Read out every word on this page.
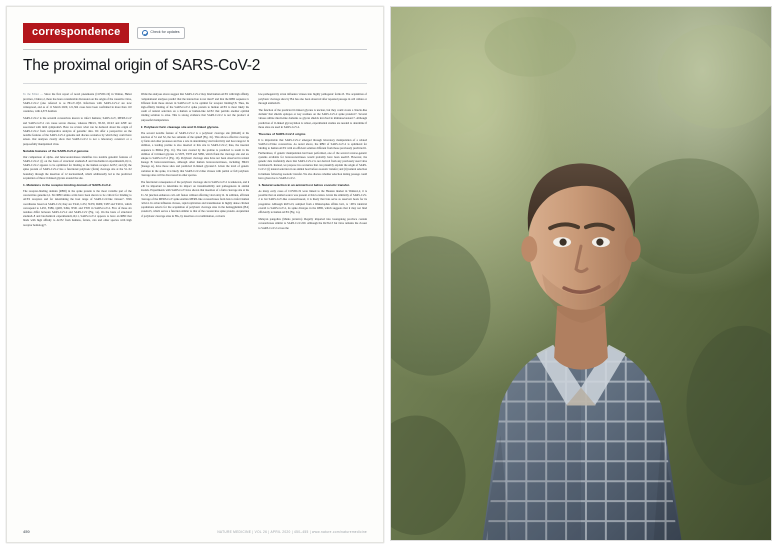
correspondence	Check for updates
The proximal origin of SARS-CoV-2

To the Editor — Since the first report of novel pneumonia (COVID-19) in Wuhan, Hubei province, China1,2, there has been considerable discussion on the origin of the causative virus, SARS-CoV-2 (also referred to as HCoV-19)3. Infections with SARS-CoV-2 are now widespread, and as of 11 March 2020, 121,564 cases have been confirmed in more than 110 countries, with 4,373 deaths4.

SARS-CoV-2 is the seventh coronavirus known to infect humans; SARS-CoV, MERS-CoV and SARS-CoV-2 can cause severe disease, whereas HKU1, NL63, OC43 and 229E are associated with mild symptoms5. Here we review what can be deduced about the origin of SARS-CoV-2 from comparative analysis of genomic data. We offer a perspective on the notable features of the SARS-CoV-2 genome and discuss scenarios by which they could have arisen. Our analyses clearly show that SARS-CoV-2 is not a laboratory construct or a purposefully manipulated virus.

Notable features of the SARS-CoV-2 genome

Our comparison of alpha- and betacoronaviruses identifies two notable genomic features of SARS-CoV-2: (i) on the basis of structural studies6–8 and biochemical experiments9,10,11, SARS-CoV-2 appears to be optimized for binding to the human receptor ACE2; and (ii) the spike protein of SARS-CoV-2 has a functional polybasic (furin) cleavage site at the S1–S2 boundary through the insertion of 12 nucleotides8, which additionally led to the predicted acquisition of three O-linked glycans around the site.

1. Mutations in the receptor-binding domain of SARS-CoV-2.

The receptor-binding domain (RBD) in the spike protein is the most variable part of the coronavirus genome1,2. Six RBD amino acids have been shown to be critical for binding to ACE2 receptors and for determining the host range of SARS-CoV-like viruses7. With coordinates based on SARS-CoV, they are Y442, L472, N479, D480, T487 and Y4911, which correspond to L455, F486, Q493, S494, N501 and Y505 in SARS-CoV-2. Five of these six residues differ between SARS-CoV-2 and SARS-CoV (Fig. 1a). On the basis of structural studies6–8 and biochemical experiments9,10,11, SARS-CoV-2 appears to have an RBD that binds with high affinity to ACE2 from humans, ferrets, cats and other species with high receptor homology7.

While the analyses above suggest that SARS-CoV-2 may bind human ACE2 with high affinity, computational analyses predict that the interaction is not ideal7 and that the RBD sequence is different from those shown in SARS-CoV to be optimal for receptor binding7,8. Thus, the high-affinity binding of the SARS-CoV-2 spike protein to human ACE2 is most likely the result of natural selection on a human or human-like ACE2 that permits another optimal binding solution to arise. This is strong evidence that SARS-CoV-2 is not the product of purposeful manipulation.

2. Polybasic furin cleavage site and O-linked glycans.

The second notable feature of SARS-CoV-2 is a polybasic cleavage site (RRAR) at the junction of S1 and S2, the two subunits of the spike8 (Fig. 1b). This allows effective cleavage by furin and other proteases and has a role in determining viral infectivity and host range12. In addition, a leading proline is also inserted at this site in SARS-CoV-2; thus, the inserted sequence is PRRA (Fig. 1b). The turn created by the proline is predicted to result in the addition of O-linked glycans to S673, T678 and S686, which flank the cleavage site and are unique to SARS-CoV-2 (Fig. 1b). Polybasic cleavage sites have not been observed in related lineage B betacoronaviruses, although other human betacoronaviruses, including HKU1 (lineage A), have those sites and predicted O-linked glycans13. Given the level of genetic variation in the spike, it is likely that SARS-CoV-2-like viruses with partial or full polybasic cleavage sites will be discovered in other species.

The functional consequence of the polybasic cleavage site in SARS-CoV-2 is unknown, and it will be important to determine its impact on transmissibility and pathogenesis in animal models. Experiments with SARS-CoV have shown that insertion of a furin cleavage site at the S1–S2 junction enhances cell–cell fusion without affecting viral entry12. In addition, efficient cleavage of the MERS-CoV spike enables MERS-like coronaviruses from bats to infect human cells14. In avian influenza viruses, rapid replication and transmission in highly dense chicken populations selects for the acquisition of polybasic cleavage sites in the hemagglutinin (HA) protein15, which serves a function similar to that of the coronavirus spike protein. Acquisition of polybasic cleavage sites in HA, by insertion or recombination, converts

low-pathogenicity avian influenza viruses into highly pathogenic forms15. The acquisition of polybasic cleavage sites by HA has also been observed after repeated passage in cell culture or through animals16.

The function of the predicted O-linked glycans is unclear, but they could create a 'mucin-like domain' that shields epitopes or key residues on the SARS-CoV-2 spike protein17. Several viruses utilize mucin-like domains as glycan shields involved in immunoevasion17. Although prediction of O-linked glycosylation is robust, experimental studies are needed to determine if these sites are used in SARS-CoV-2.

Theories of SARS-CoV-2 origins

It is improbable that SARS-CoV-2 emerged through laboratory manipulation of a related SARS-CoV-like coronavirus. As noted above, the RBD of SARS-CoV-2 is optimized for binding to human ACE2 with an efficient solution different from those previously predicted11. Furthermore, if genetic manipulation had been performed, one of the several reverse-genetic systems available for betacoronaviruses would probably have been used18. However, the genetic data irrefutably show that SARS-CoV-2 is not derived from any previously used virus backbone19. Instead, we propose two scenarios that can plausibly explain the origin of SARS-CoV-2: (i) natural selection in an animal host before zoonotic transfer; and (ii) natural selection in humans following zoonotic transfer. We also discuss whether selection during passage could have given rise to SARS-CoV-2.

1. Natural selection in an animal host before zoonotic transfer.

As many early cases of COVID-19 were linked to the Huanan market in Wuhan1,2, it is possible that an animal source was present at this location. Given the similarity of SARS-CoV-2 to bat SARS-CoV-like coronaviruses2, it is likely that bats serve as reservoir hosts for its progenitor. Although RaTG13, sampled from a Rhinolophus affinis bat1, is ~96% identical overall to SARS-CoV-2, its spike diverges in the RBD, which suggests that it may not bind efficiently to human ACE2 (Fig. 1a).

Malayan pangolins (Manis javanica) illegally imported into Guangdong province contain coronaviruses similar to SARS-CoV-220. Although the RaTG13 bat virus remains the closest to SARS-CoV-2 across the

450	NATURE MEDICINE | VOL 26 | APRIL 2020 | 450–455 | www.nature.com/naturemedicine
